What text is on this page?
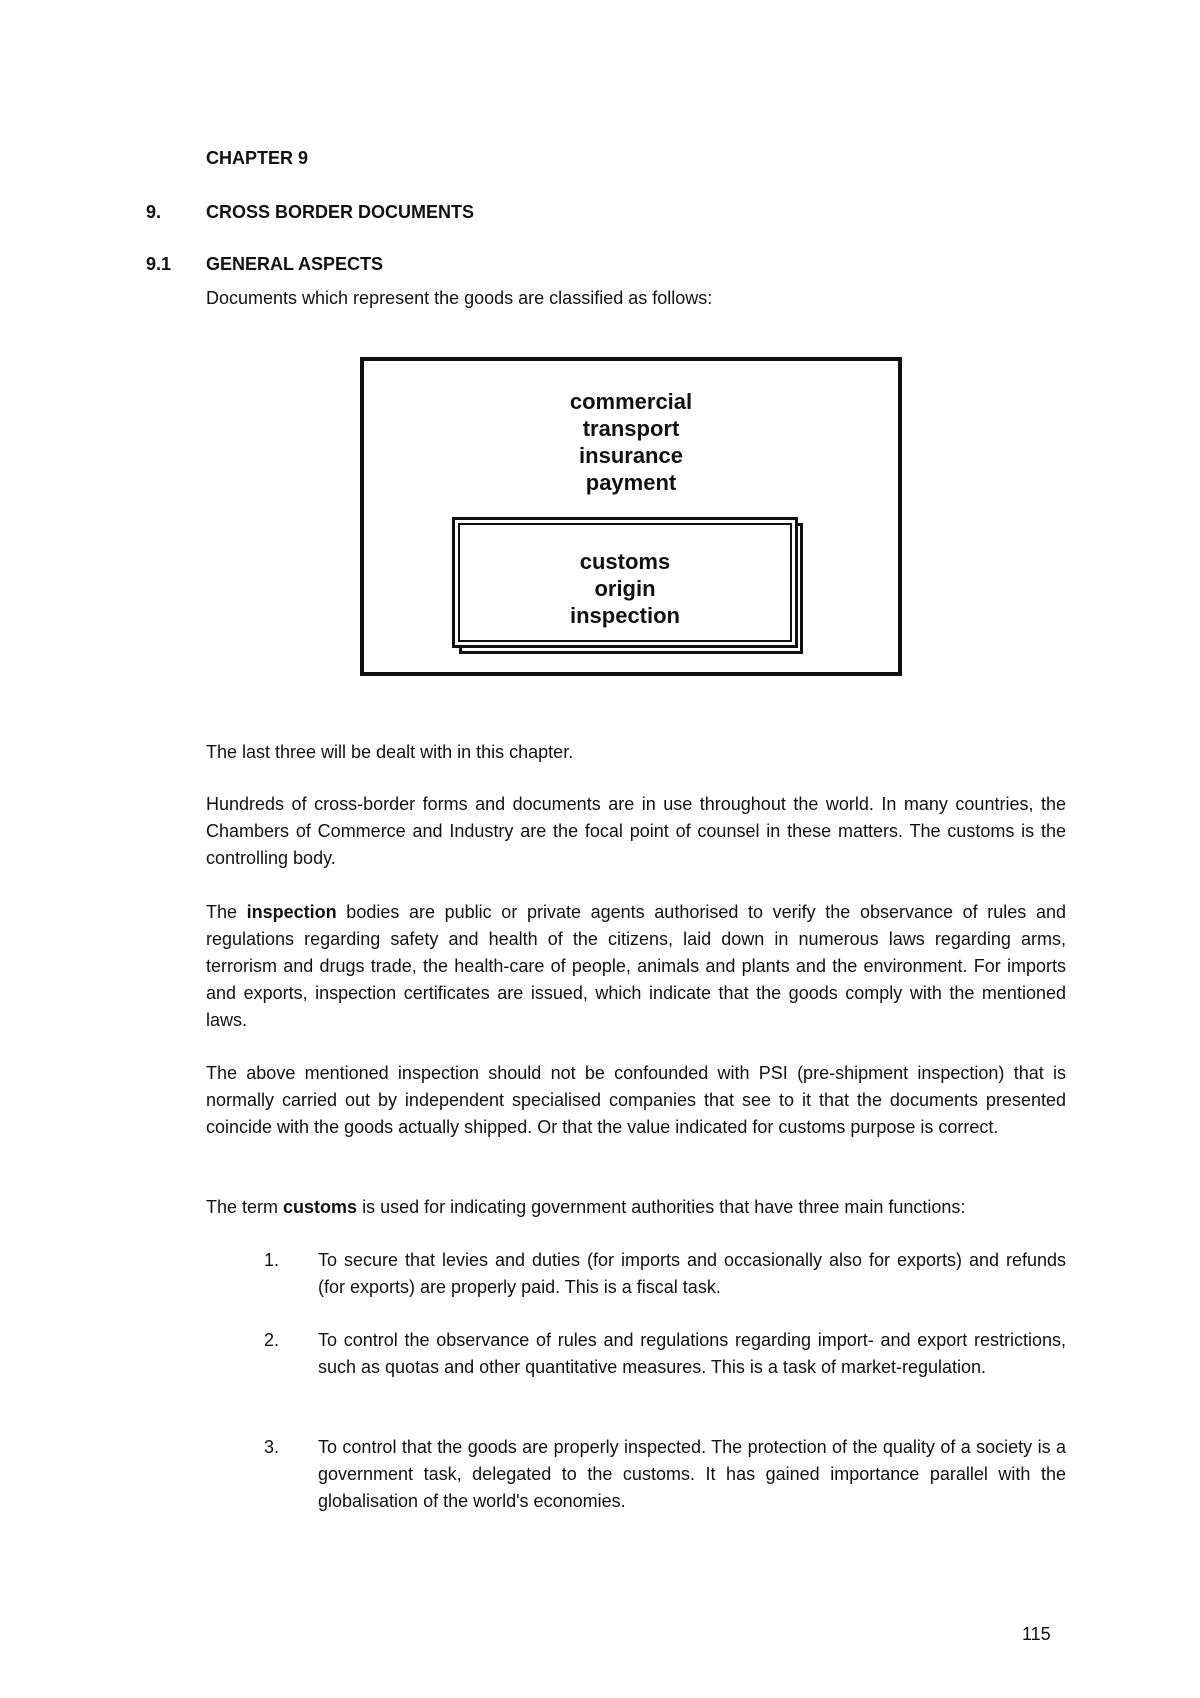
CHAPTER 9
9. CROSS BORDER DOCUMENTS
9.1 GENERAL ASPECTS
Documents which represent the goods are classified as follows:
commercial
transport
insurance
payment
customs
origin
inspection
The last three will be dealt with in this chapter.
Hundreds of cross-border forms and documents are in use throughout the world. In many countries, the Chambers of Commerce and Industry are the focal point of counsel in these matters. The customs is the controlling body.
The inspection bodies are public or private agents authorised to verify the observance of rules and regulations regarding safety and health of the citizens, laid down in numerous laws regarding arms, terrorism and drugs trade, the health-care of people, animals and plants and the environment. For imports and exports, inspection certificates are issued, which indicate that the goods comply with the mentioned laws.
The above mentioned inspection should not be confounded with PSI (pre-shipment inspection) that is normally carried out by independent specialised companies that see to it that the documents presented coincide with the goods actually shipped. Or that the value indicated for customs purpose is correct.
The term customs is used for indicating government authorities that have three main functions:
1. To secure that levies and duties (for imports and occasionally also for exports) and refunds (for exports) are properly paid. This is a fiscal task.
2. To control the observance of rules and regulations regarding import- and export restrictions, such as quotas and other quantitative measures. This is a task of market-regulation.
3. To control that the goods are properly inspected. The protection of the quality of a society is a government task, delegated to the customs. It has gained importance parallel with the globalisation of the world's economies.
115
